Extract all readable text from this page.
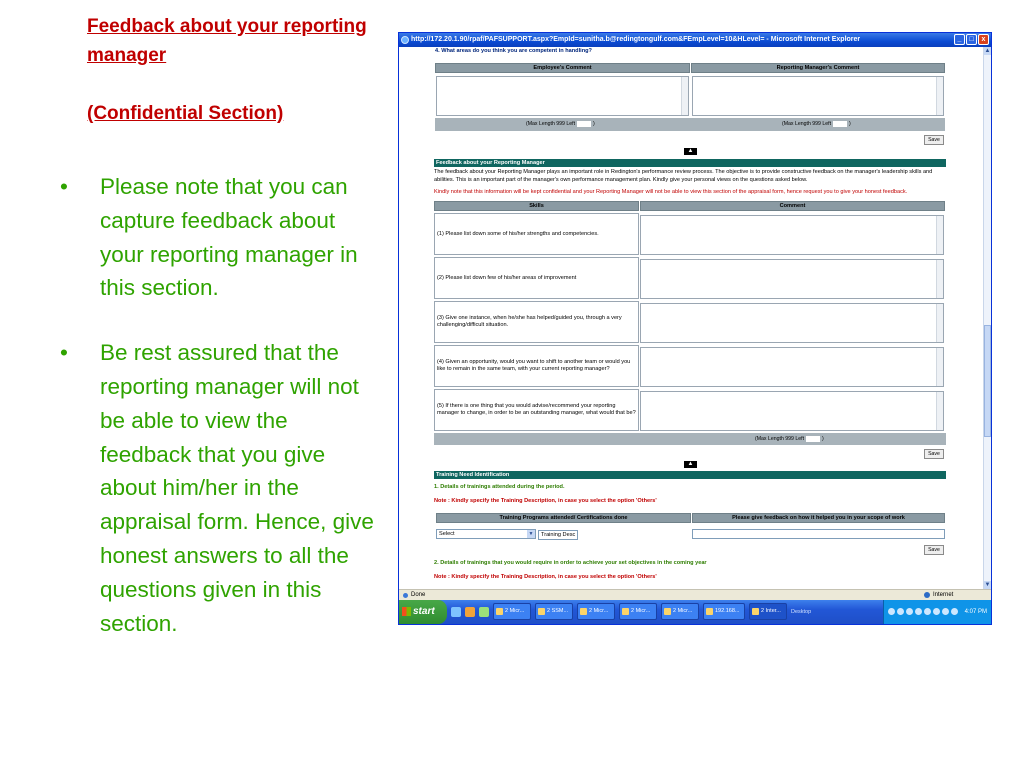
Feedback about your reporting manager
(Confidential Section)
• Please note that you can capture feedback about your reporting manager in this section.
• Be rest assured that the reporting manager will not be able to view the feedback that you give about him/her in the appraisal form. Hence, give honest answers to all the questions given in this section.
http://172.20.1.90/rpaf/PAFSUPPORT.aspx?EmpId=sunitha.b@redingtongulf.com&FEmpLevel=10&HLevel= - Microsoft Internet Explorer	_	□	x
4. What areas do you think you are competent in handling?
Employee's Comment	Reporting Manager's Comment
(Max Length 999 Left	)	(Max Length 999 Left	)
Save
▲
Feedback about your Reporting Manager
The feedback about your Reporting Manager plays an important role in Redington's performance review process. The objective is to provide constructive feedback on the manager's leadership skills and abilities. This is an important part of the manager's own performance management plan. Kindly give your personal views on the questions asked below.
Kindly note that this information will be kept confidential and your Reporting Manager will not be able to view this section of the appraisal form, hence request you to give your honest feedback.
Skills	Comment
(1) Please list down some of his/her strengths and competencies.
(2) Please list down few of his/her areas of improvement
(3) Give one instance, when he/she has helped/guided you, through a very challenging/difficult situation.
(4) Given an opportunity, would you want to shift to another team or would you like to remain in the same team, with your current reporting manager?
(5) If there is one thing that you would advise/recommend your reporting manager to change, in order to be an outstanding manager, what would that be?
(Max Length 999 Left	)
Save
▲
Training Need Identification
1. Details of trainings attended during the period.
Note : Kindly specify the Training Description, in case you select the option 'Others'
Training Programs attended/ Certifications done	Please give feedback on how it helped you in your scope of work
Select	▼	Training Desc
Save
2. Details of trainings that you would require in order to achieve your set objectives in the coming year
Note : Kindly specify the Training Description, in case you select the option 'Others'
▲
▼
Done	Internet
start	2 Micr...	2 SSM...	2 Micr...	2 Micr...	2 Micr...	192.168...	2 Inter...	Desktop	4:07 PM
